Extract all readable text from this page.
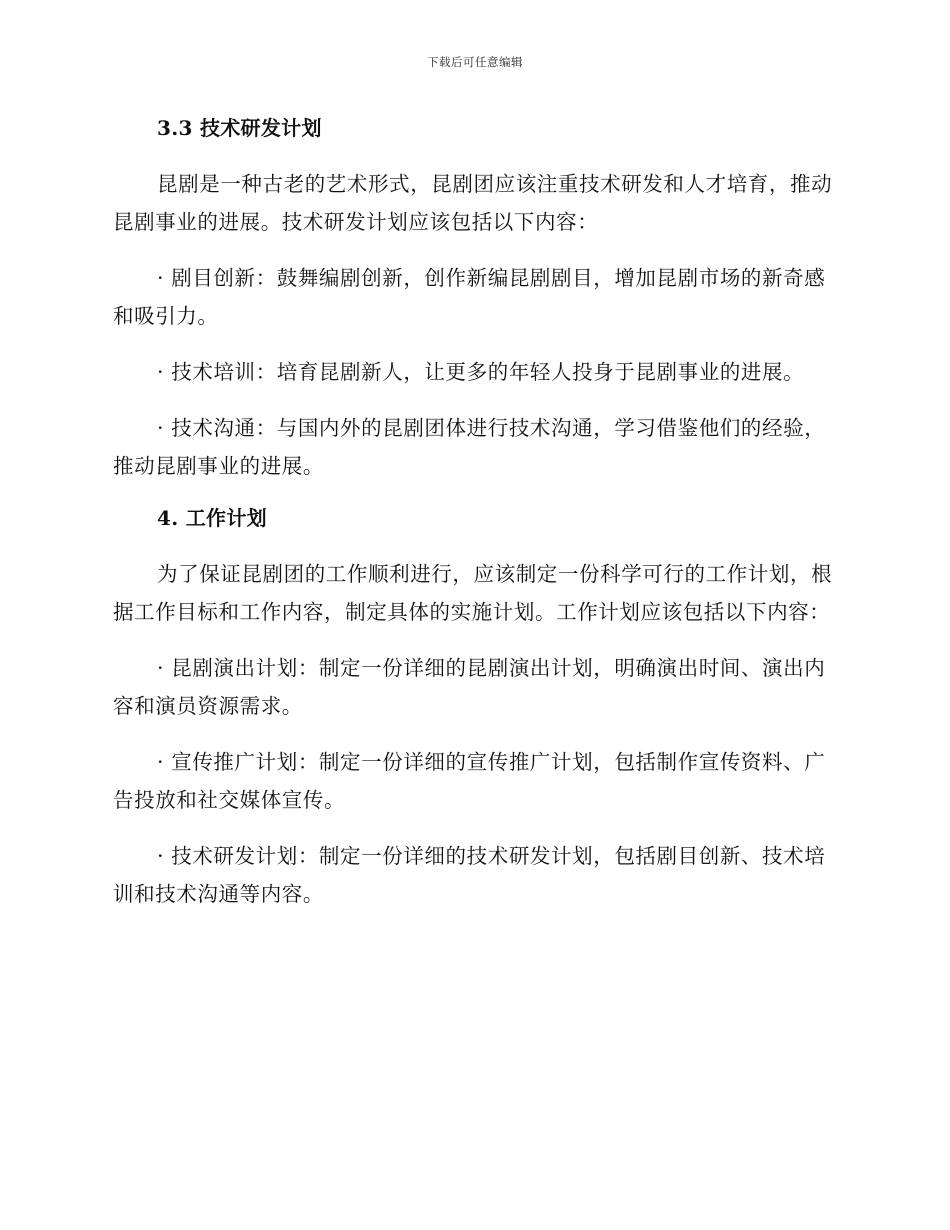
下载后可任意编辑
3.3 技术研发计划

昆剧是一种古老的艺术形式，昆剧团应该注重技术研发和人才培育，推动昆剧事业的进展。技术研发计划应该包括以下内容：

· 剧目创新：鼓舞编剧创新，创作新编昆剧剧目，增加昆剧市场的新奇感和吸引力。

· 技术培训：培育昆剧新人，让更多的年轻人投身于昆剧事业的进展。

· 技术沟通：与国内外的昆剧团体进行技术沟通，学习借鉴他们的经验，推动昆剧事业的进展。

4. 工作计划

为了保证昆剧团的工作顺利进行，应该制定一份科学可行的工作计划，根据工作目标和工作内容，制定具体的实施计划。工作计划应该包括以下内容：

· 昆剧演出计划：制定一份详细的昆剧演出计划，明确演出时间、演出内容和演员资源需求。

· 宣传推广计划：制定一份详细的宣传推广计划，包括制作宣传资料、广告投放和社交媒体宣传。

· 技术研发计划：制定一份详细的技术研发计划，包括剧目创新、技术培训和技术沟通等内容。
